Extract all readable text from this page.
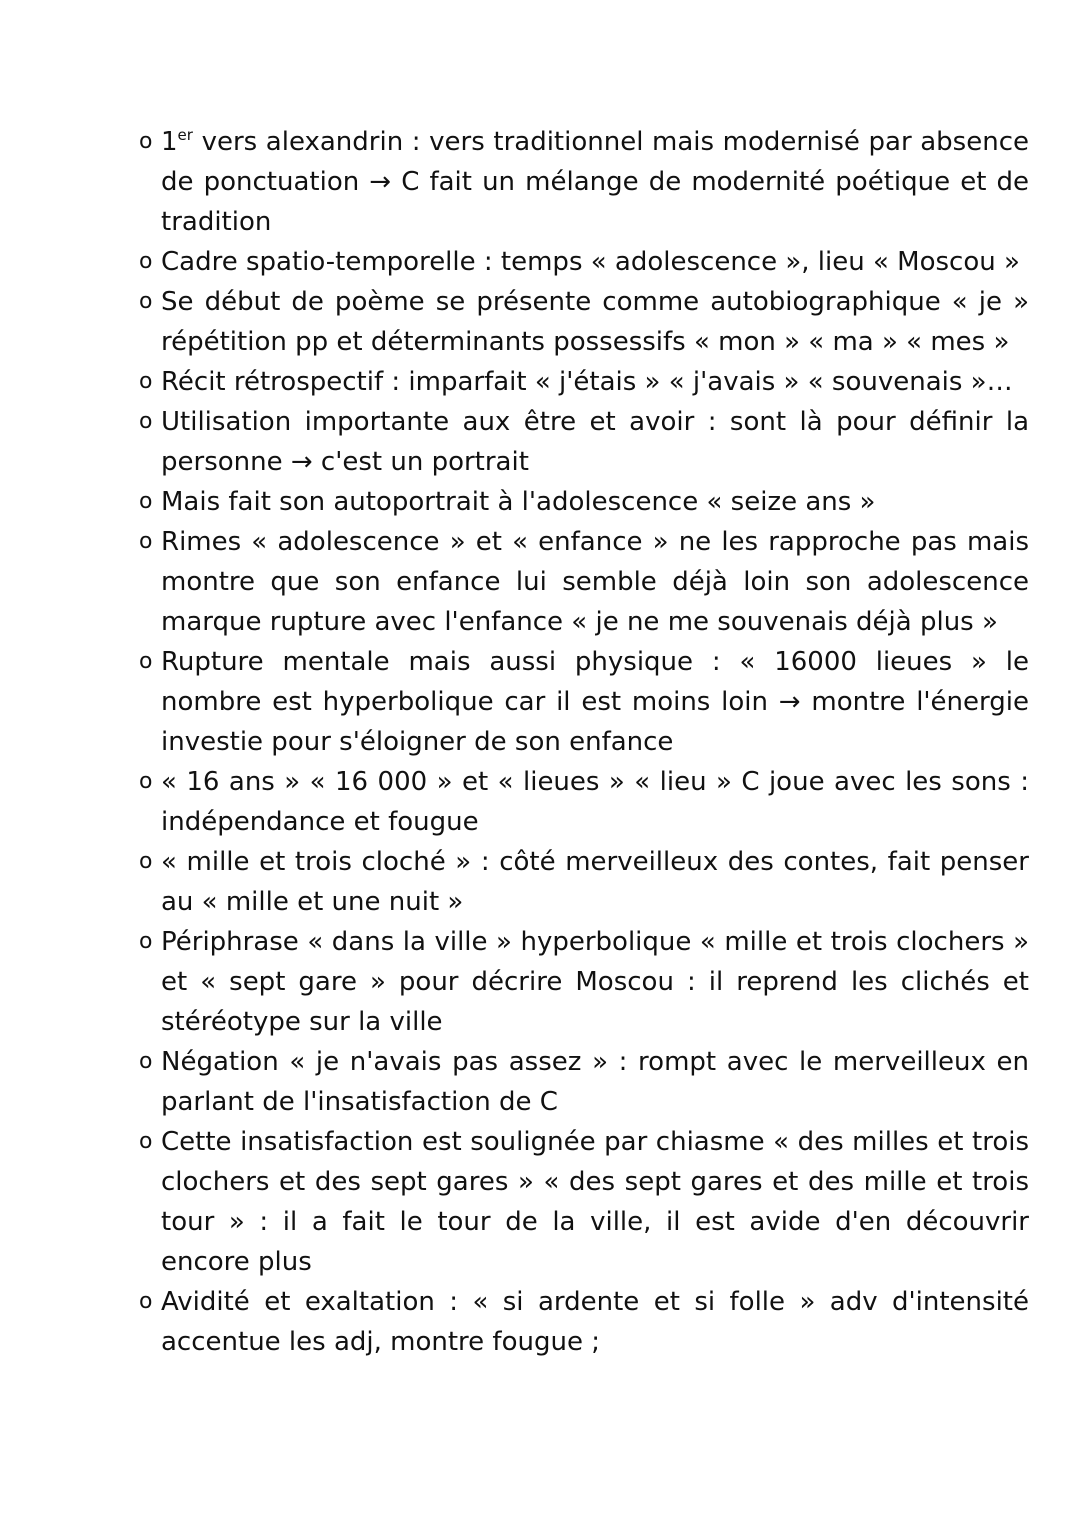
o 1er vers alexandrin : vers traditionnel mais modernisé par absence de ponctuation → C fait un mélange de modernité poétique et de tradition
o Cadre spatio-temporelle : temps « adolescence », lieu « Moscou »
o Se début de poème se présente comme autobiographique « je » répétition pp et déterminants possessifs « mon » « ma » « mes »
o Récit rétrospectif : imparfait « j'étais » « j'avais » « souvenais »…
o Utilisation importante aux être et avoir : sont là pour définir la personne → c'est un portrait
o Mais fait son autoportrait à l'adolescence « seize ans »
o Rimes « adolescence » et « enfance » ne les rapproche pas mais montre que son enfance lui semble déjà loin son adolescence marque rupture avec l'enfance « je ne me souvenais déjà plus »
o Rupture mentale mais aussi physique : « 16000 lieues » le nombre est hyperbolique car il est moins loin → montre l'énergie investie pour s'éloigner de son enfance
o « 16 ans » « 16 000 » et « lieues » « lieu » C joue avec les sons : indépendance et fougue
o « mille et trois cloché » : côté merveilleux des contes, fait penser au « mille et une nuit »
o Périphrase « dans la ville » hyperbolique « mille et trois clochers » et « sept gare » pour décrire Moscou : il reprend les clichés et stéréotype sur la ville
o Négation « je n'avais pas assez » : rompt avec le merveilleux en parlant de l'insatisfaction de C
o Cette insatisfaction est soulignée par chiasme « des milles et trois clochers et des sept gares » « des sept gares et des mille et trois tour » : il a fait le tour de la ville, il est avide d'en découvrir encore plus
o Avidité et exaltation : « si ardente et si folle » adv d'intensité accentue les adj, montre fougue ;
